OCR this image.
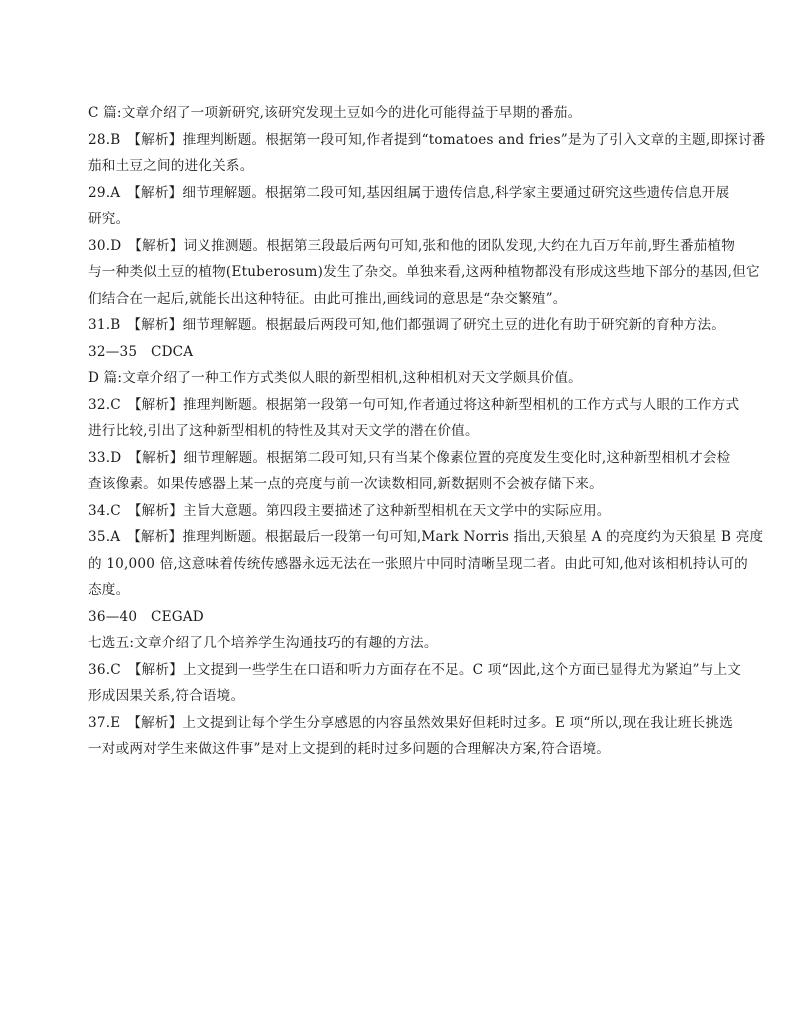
C 篇:文章介绍了一项新研究,该研究发现土豆如今的进化可能得益于早期的番茄。
28.B　【解析】推理判断题。根据第一段可知,作者提到“tomatoes and fries”是为了引入文章的主题,即探讨番
茄和土豆之间的进化关系。
29.A　【解析】细节理解题。根据第二段可知,基因组属于遗传信息,科学家主要通过研究这些遗传信息开展
研究。
30.D　【解析】词义推测题。根据第三段最后两句可知,张和他的团队发现,大约在九百万年前,野生番茄植物
与一种类似土豆的植物(Etuberosum)发生了杂交。单独来看,这两种植物都没有形成这些地下部分的基因,但它
们结合在一起后,就能长出这种特征。由此可推出,画线词的意思是“杂交繁殖”。
31.B　【解析】细节理解题。根据最后两段可知,他们都强调了研究土豆的进化有助于研究新的育种方法。
32—35　CDCA
D 篇:文章介绍了一种工作方式类似人眼的新型相机,这种相机对天文学颇具价值。
32.C　【解析】推理判断题。根据第一段第一句可知,作者通过将这种新型相机的工作方式与人眼的工作方式
进行比较,引出了这种新型相机的特性及其对天文学的潜在价值。
33.D　【解析】细节理解题。根据第二段可知,只有当某个像素位置的亮度发生变化时,这种新型相机才会检
查该像素。如果传感器上某一点的亮度与前一次读数相同,新数据则不会被存储下来。
34.C　【解析】主旨大意题。第四段主要描述了这种新型相机在天文学中的实际应用。
35.A　【解析】推理判断题。根据最后一段第一句可知,Mark Norris 指出,天狼星 A 的亮度约为天狼星 B 亮度
的 10,000 倍,这意味着传统传感器永远无法在一张照片中同时清晰呈现二者。由此可知,他对该相机持认可的
态度。
36—40　CEGAD
七选五:文章介绍了几个培养学生沟通技巧的有趣的方法。
36.C　【解析】上文提到一些学生在口语和听力方面存在不足。C 项“因此,这个方面已显得尤为紧迫”与上文
形成因果关系,符合语境。
37.E　【解析】上文提到让每个学生分享感恩的内容虽然效果好但耗时过多。E 项“所以,现在我让班长挑选
一对或两对学生来做这件事”是对上文提到的耗时过多问题的合理解决方案,符合语境。
